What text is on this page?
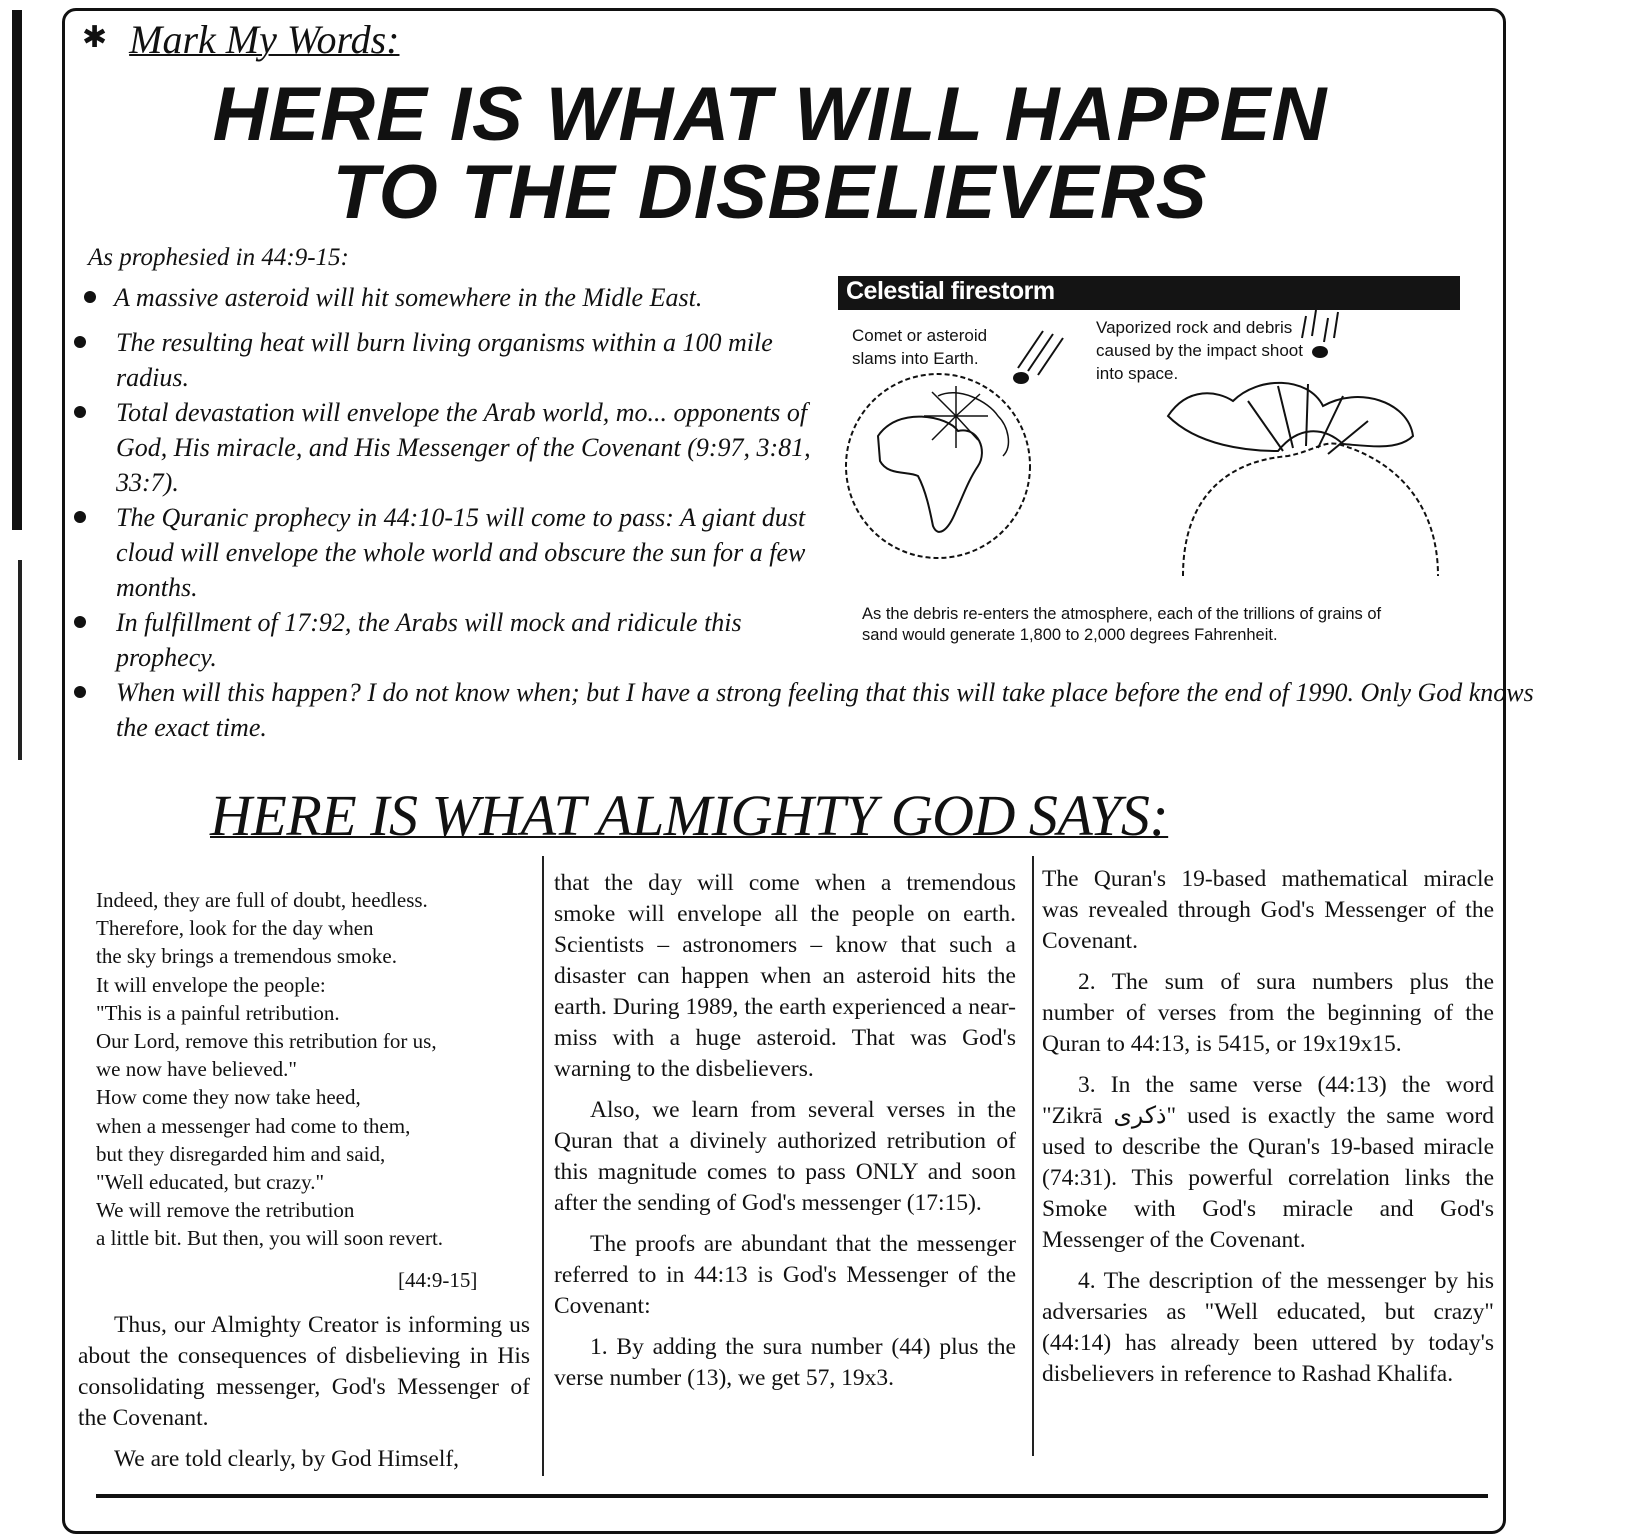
✱ Mark My Words:
HERE IS WHAT WILL HAPPEN
TO THE DISBELIEVERS
As prophesied in 44:9-15:
A massive asteroid will hit somewhere in the Midle East.
The resulting heat will burn living organisms within a 100 mile radius.
Total devastation will envelope the Arab world, mo... opponents of God, His miracle, and His Messenger of the Covenant (9:97, 3:81, 33:7).
The Quranic prophecy in 44:10-15 will come to pass: A giant dust cloud will envelope the whole world and obscure the sun for a few months.
In fulfillment of 17:92, the Arabs will mock and ridicule this prophecy.
When will this happen? I do not know when; but I have a strong feeling that this will take place before the end of 1990. Only God knows the exact time.
Celestial firestorm
Comet or asteroid slams into Earth.
Vaporized rock and debris caused by the impact shoot into space.
As the debris re-enters the atmosphere, each of the trillions of grains of sand would generate 1,800 to 2,000 degrees Fahrenheit.
HERE IS WHAT ALMIGHTY GOD SAYS:
Indeed, they are full of doubt, heedless.
Therefore, look for the day when
the sky brings a tremendous smoke.
It will envelope the people:
"This is a painful retribution.
Our Lord, remove this retribution for us,
we now have believed."
How come they now take heed,
when a messenger had come to them,
but they disregarded him and said,
"Well educated, but crazy."
We will remove the retribution
a little bit. But then, you will soon revert.
[44:9-15]

Thus, our Almighty Creator is informing us about the consequences of disbelieving in His consolidating messenger, God's Messenger of the Covenant.

We are told clearly, by God Himself,

that the day will come when a tremendous smoke will envelope all the people on earth. Scientists – astronomers – know that such a disaster can happen when an asteroid hits the earth. During 1989, the earth experienced a near-miss with a huge asteroid. That was God's warning to the disbelievers.

Also, we learn from several verses in the Quran that a divinely authorized retribution of this magnitude comes to pass ONLY and soon after the sending of God's messenger (17:15).

The proofs are abundant that the messenger referred to in 44:13 is God's Messenger of the Covenant:

1. By adding the sura number (44) plus the verse number (13), we get 57, 19x3.

The Quran's 19-based mathematical miracle was revealed through God's Messenger of the Covenant.

2. The sum of sura numbers plus the number of verses from the beginning of the Quran to 44:13, is 5415, or 19x19x15.

3. In the same verse (44:13) the word "Zikrā ذكرى" used is exactly the same word used to describe the Quran's 19-based miracle (74:31). This powerful correlation links the Smoke with God's miracle and God's Messenger of the Covenant.

4. The description of the messenger by his adversaries as "Well educated, but crazy" (44:14) has already been uttered by today's disbelievers in reference to Rashad Khalifa.
